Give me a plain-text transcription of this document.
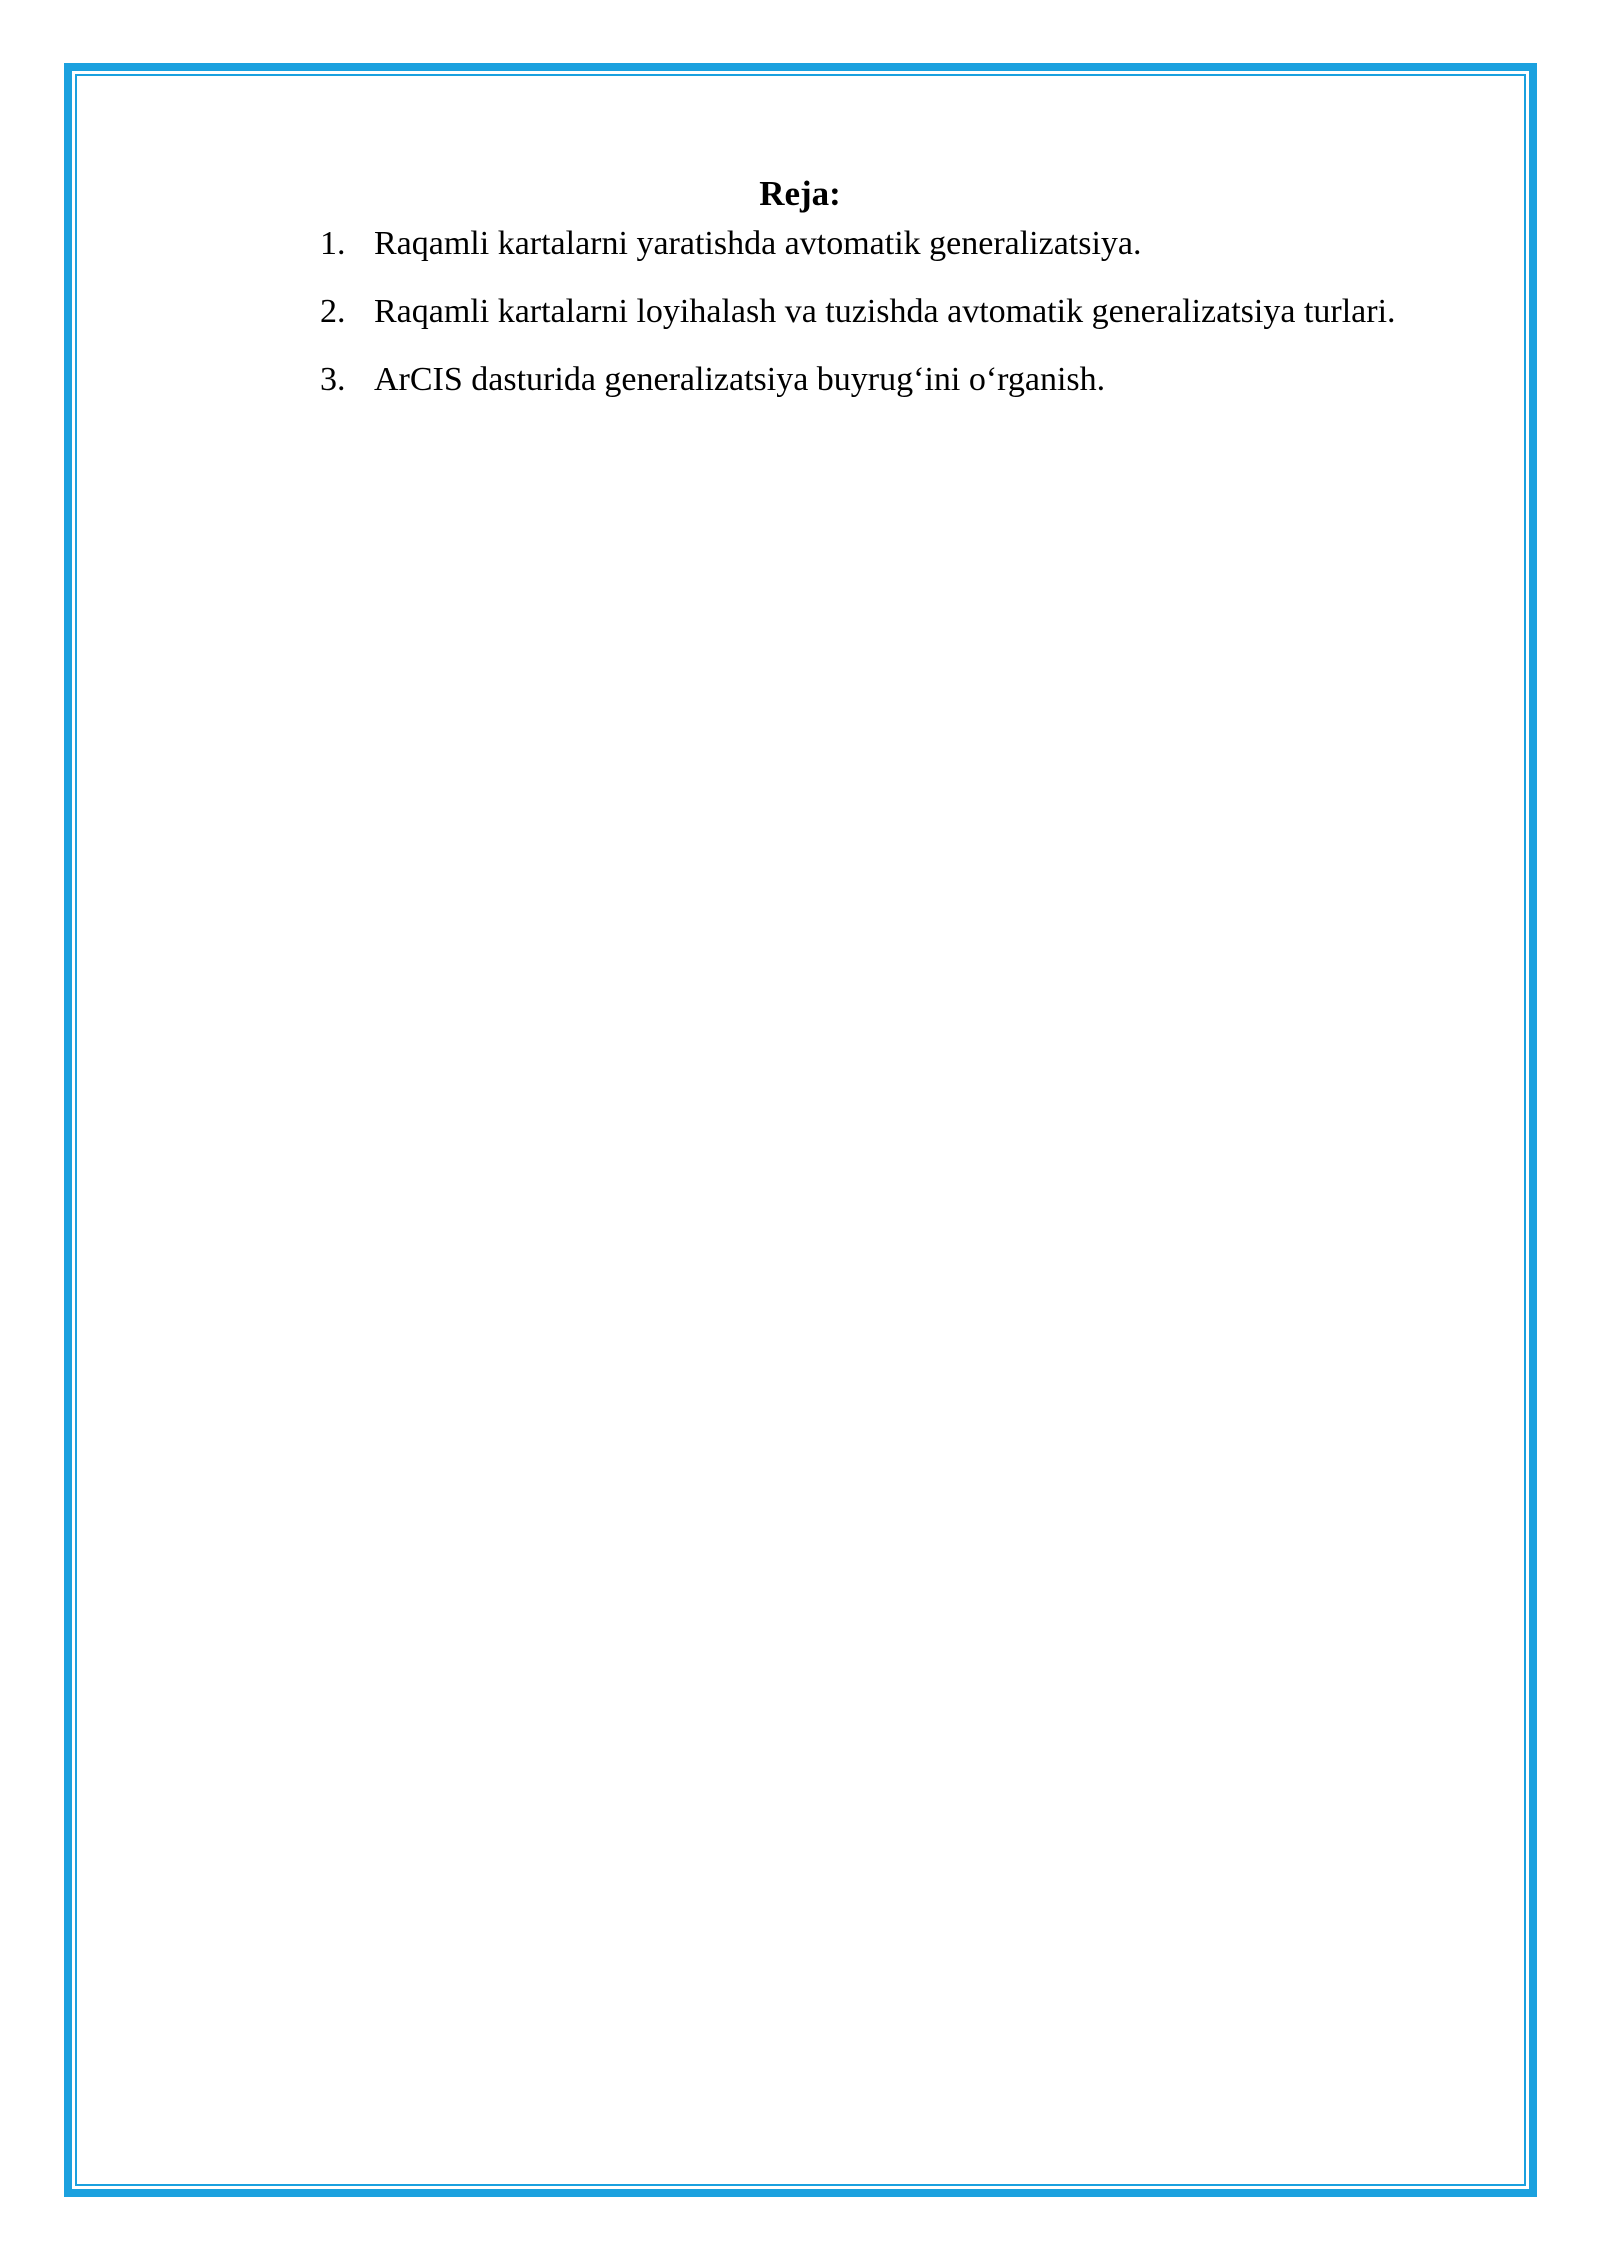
Reja:
1. Raqamli kartalarni yaratishda avtomatik generalizatsiya.
2. Raqamli kartalarni loyihalash va tuzishda avtomatik generalizatsiya turlari.
3. ArCIS dasturida generalizatsiya buyrug‘ini o‘rganish.
